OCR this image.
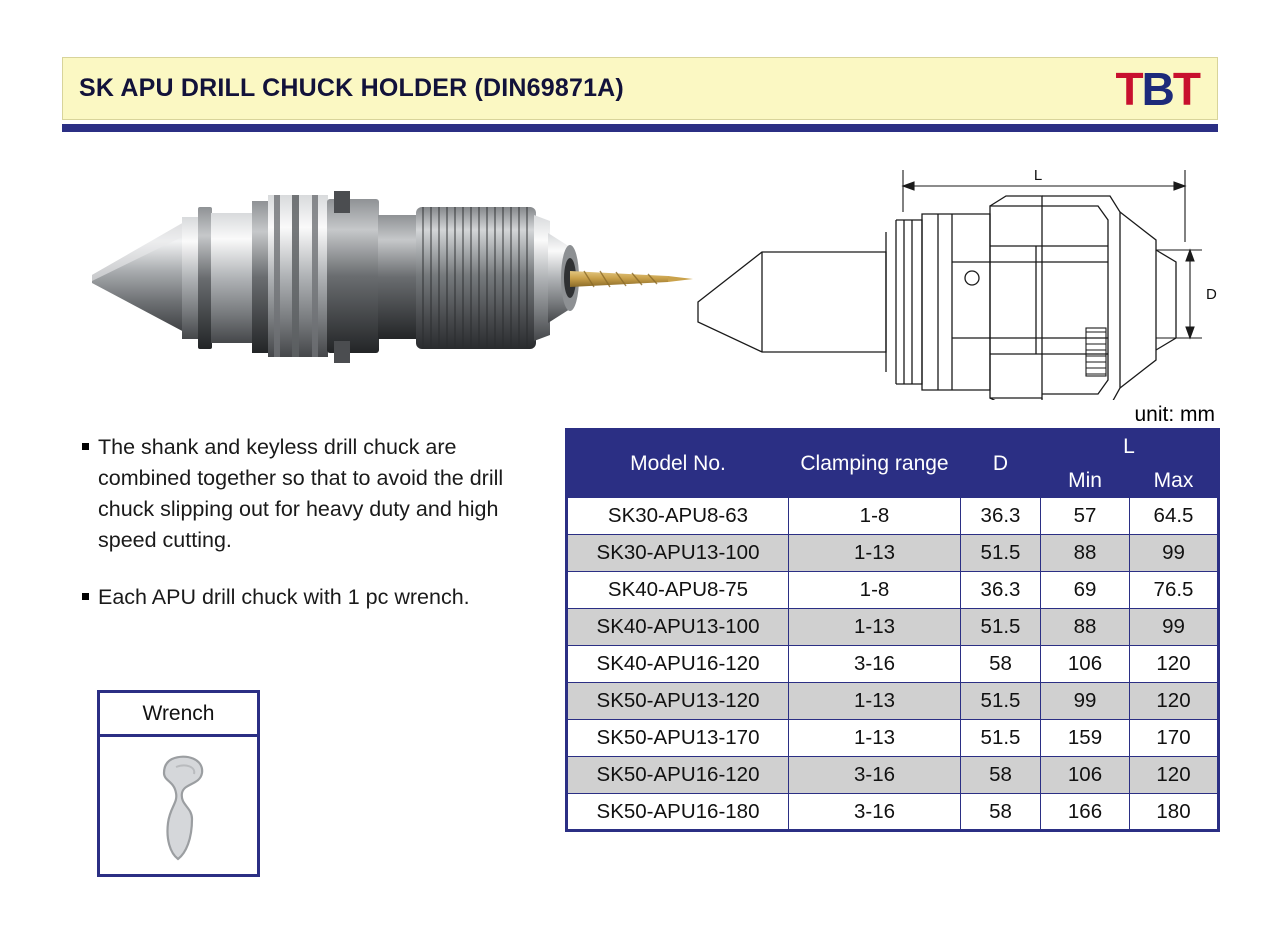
SK APU DRILL CHUCK HOLDER (DIN69871A)	TBT
L
D
unit: mm
The shank and keyless drill chuck are combined together so that to avoid the drill chuck slipping out for heavy duty and high speed cutting.
Each APU drill chuck with 1 pc wrench.
Wrench
Model No.	Clamping range	D	L	
			Min	Max
SK30-APU8-63	1-8	36.3	57	64.5
SK30-APU13-100	1-13	51.5	88	99
SK40-APU8-75	1-8	36.3	69	76.5
SK40-APU13-100	1-13	51.5	88	99
SK40-APU16-120	3-16	58	106	120
SK50-APU13-120	1-13	51.5	99	120
SK50-APU13-170	1-13	51.5	159	170
SK50-APU16-120	3-16	58	106	120
SK50-APU16-180	3-16	58	166	180
